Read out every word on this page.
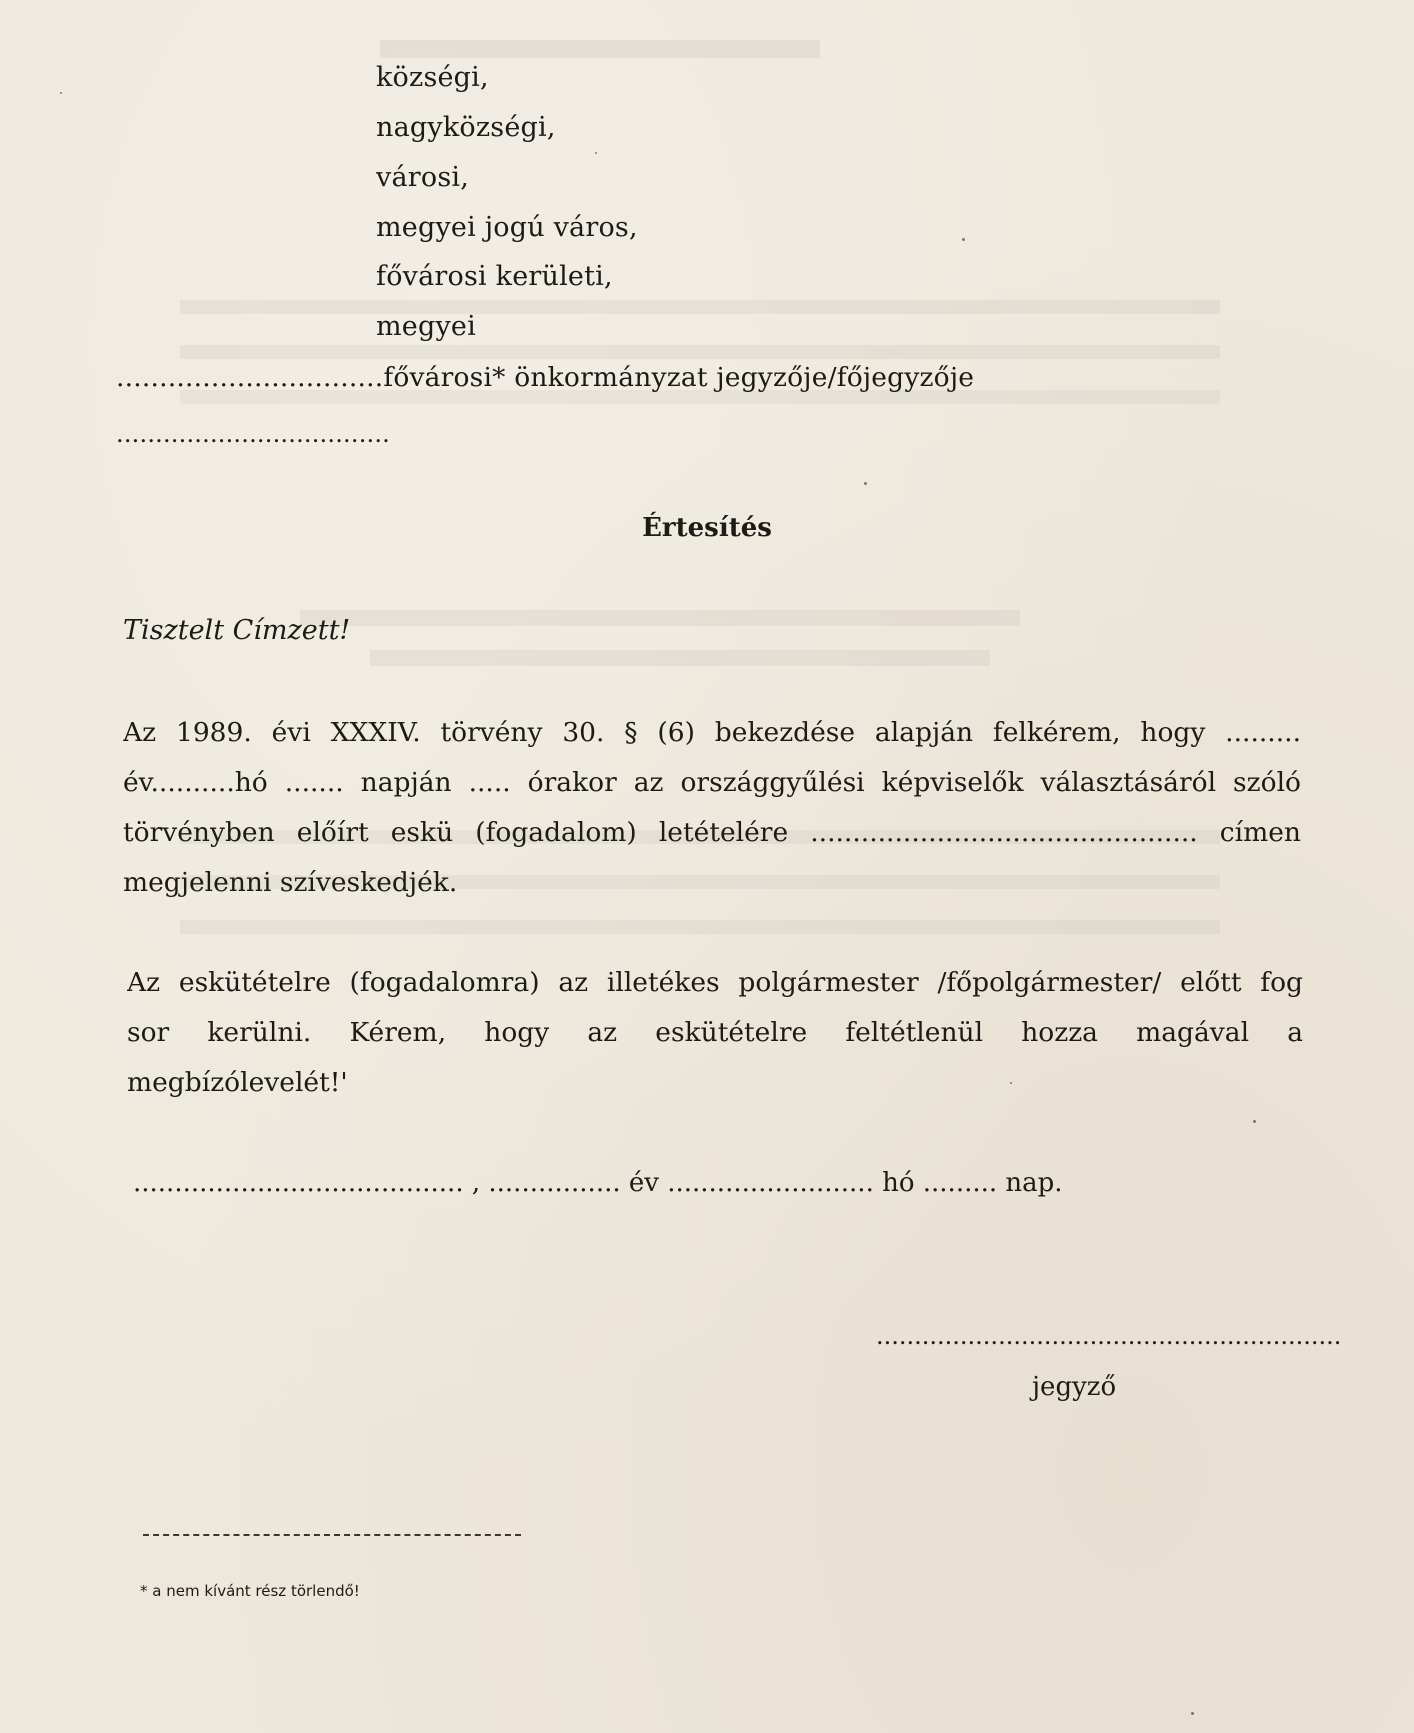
községi,
nagyközségi,
városi,
megyei jogú város,
fővárosi kerületi,
megyei
...............................fővárosi* önkormányzat jegyzője/főjegyzője
...................................
Értesítés
Tisztelt Címzett!
Az 1989. évi XXXIV. törvény 30. § (6) bekezdése alapján felkérem, hogy .........
év..........hó ....... napján ..... órakor az országgyűlési képviselők választásáról szóló
törvényben előírt eskü (fogadalom) letételére .............................................. címen
megjelenni szíveskedjék.
Az eskütételre (fogadalomra) az illetékes polgármester /főpolgármester/ előtt fog
sor kerülni. Kérem, hogy az eskütételre feltétlenül hozza magával a
megbízólevelét!'
........................................ , ................ év ......................... hó ......... nap.
.............................................................
jegyző
* a nem kívánt rész törlendő!
